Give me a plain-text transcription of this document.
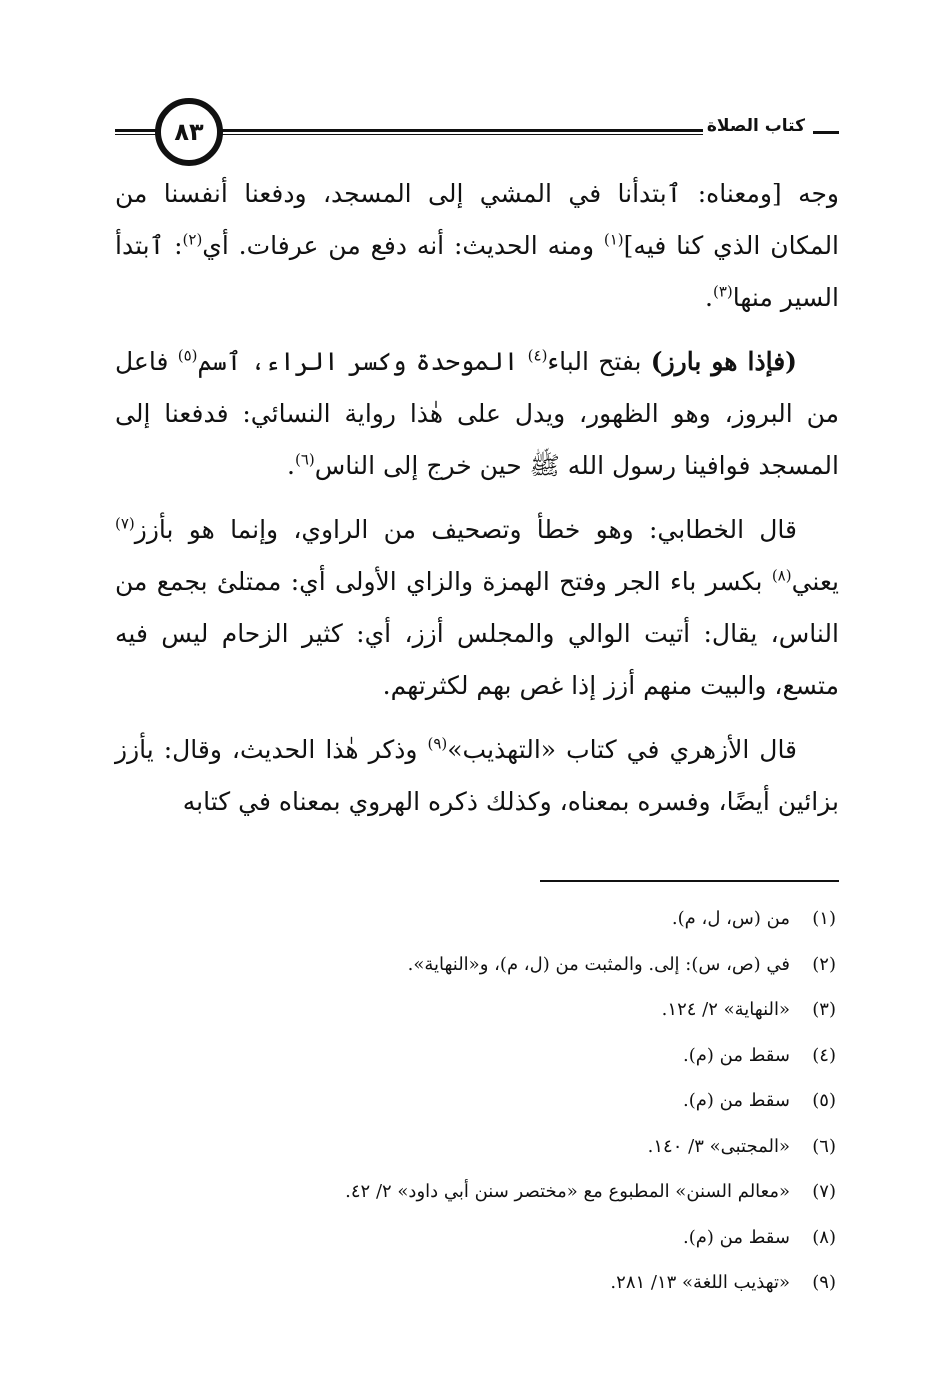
٨٣	كتاب الصلاة

وجه [ومعناه: ٱبتدأنا في المشي إلى المسجد، ودفعنا أنفسنا من المكان الذي كنا فيه]$^{(١)}$ ومنه الحديث: أنه دفع من عرفات. أي$^{(٢)}$: ٱبتدأ السير منها$^{(٣)}$.

(فإذا هو بارز) بفتح الباء$^{(٤)}$ الموحدة وكسر الراء، ٱسم$^{(٥)}$ فاعل من البروز، وهو الظهور، ويدل على هٰذا رواية النسائي: فدفعنا إلى المسجد فوافينا رسول الله ﷺ حين خرج إلى الناس$^{(٦)}$.

قال الخطابي: وهو خطأ وتصحيف من الراوي، وإنما هو بأزز$^{(٧)}$ يعني$^{(٨)}$ بكسر باء الجر وفتح الهمزة والزاي الأولى أي: ممتلئ بجمع من الناس، يقال: أتيت الوالي والمجلس أزز، أي: كثير الزحام ليس فيه متسع، والبيت منهم أزز إذا غص بهم لكثرتهم.

قال الأزهري في كتاب «التهذيب»$^{(٩)}$ وذكر هٰذا الحديث، وقال: يأزز بزائين أيضًا، وفسره بمعناه، وكذلك ذكره الهروي بمعناه في كتابه

(١)
من (س، ل، م).
(٢)
في (ص، س): إلى. والمثبت من (ل، م)، و«النهاية».
(٣)
«النهاية» ٢/ ١٢٤.
(٤)
سقط من (م).
(٥)
سقط من (م).
(٦)
«المجتبى» ٣/ ١٤٠.
(٧)
«معالم السنن» المطبوع مع «مختصر سنن أبي داود» ٢/ ٤٢.
(٨)
سقط من (م).
(٩)
«تهذيب اللغة» ١٣/ ٢٨١.
